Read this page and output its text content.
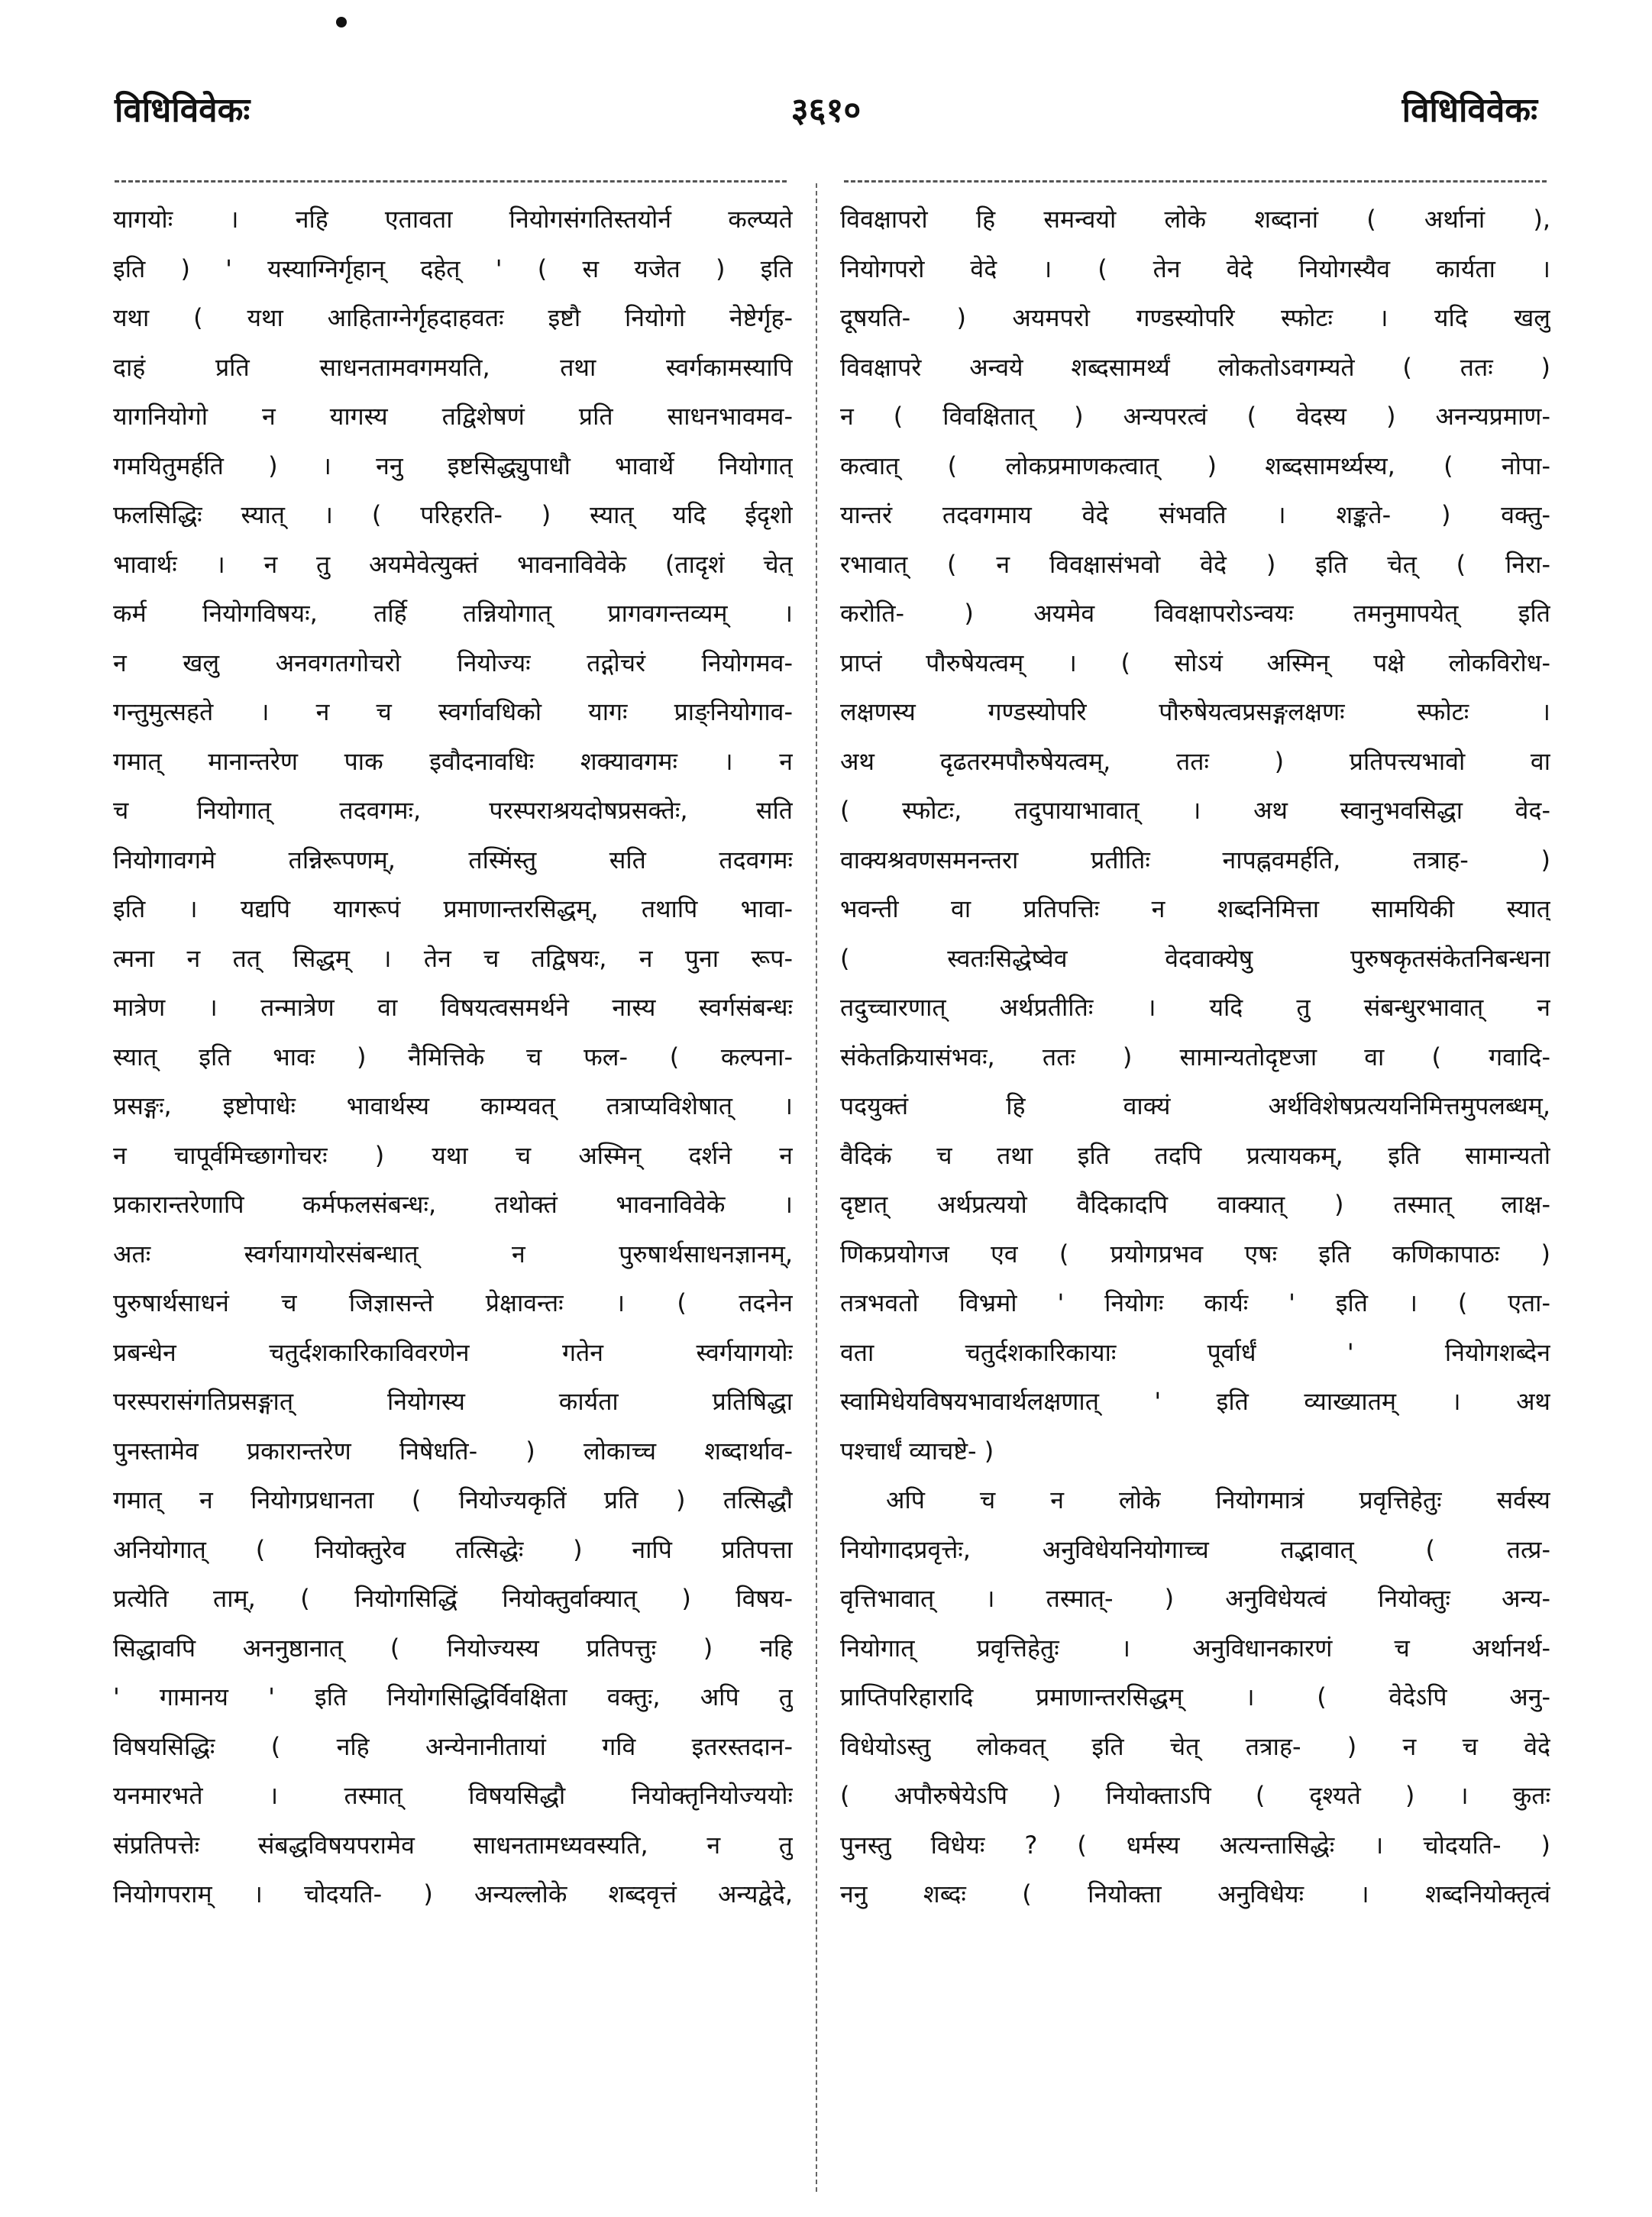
विधिविवेकः	३६१०	विधिविवेकः
यागयोः । नहि एतावता नियोगसंगतिस्तयोर्न कल्प्यते
इति ) ' यस्याग्निर्गृहान् दहेत् ' ( स यजेत ) इति
यथा ( यथा आहिताग्नेर्गृहदाहवतः इष्टौ नियोगो नेष्टेर्गृह-
दाहं प्रति साधनतामवगमयति, तथा स्वर्गकामस्यापि
यागनियोगो न यागस्य तद्विशेषणं प्रति साधनभावमव-
गमयितुमर्हति ) । ननु इष्टसिद्ध्युपाधौ भावार्थे नियोगात्
फलसिद्धिः स्यात् । ( परिहरति- ) स्यात् यदि ईदृशो
भावार्थः । न तु अयमेवेत्युक्तं भावनाविवेके (तादृशं चेत्
कर्म नियोगविषयः, तर्हि तन्नियोगात् प्रागवगन्तव्यम् ।
न खलु अनवगतगोचरो नियोज्यः तद्गोचरं नियोगमव-
गन्तुमुत्सहते । न च स्वर्गावधिको यागः प्राङ्नियोगाव-
गमात् मानान्तरेण पाक इवौदनावधिः शक्यावगमः । न
च नियोगात् तदवगमः, परस्पराश्रयदोषप्रसक्तेः, सति
नियोगावगमे तन्निरूपणम्, तस्मिंस्तु सति तदवगमः
इति । यद्यपि यागरूपं प्रमाणान्तरसिद्धम्, तथापि भावा-
त्मना न तत् सिद्धम् । तेन च तद्विषयः, न पुना रूप-
मात्रेण । तन्मात्रेण वा विषयत्वसमर्थने नास्य स्वर्गसंबन्धः
स्यात् इति भावः ) नैमित्तिके च फल- ( कल्पना-
प्रसङ्गः, इष्टोपाधेः भावार्थस्य काम्यवत् तत्राप्यविशेषात् ।
न चापूर्वमिच्छागोचरः ) यथा च अस्मिन् दर्शने न
प्रकारान्तरेणापि कर्मफलसंबन्धः, तथोक्तं भावनाविवेके ।
अतः स्वर्गयागयोरसंबन्धात् न पुरुषार्थसाधनज्ञानम्,
पुरुषार्थसाधनं च जिज्ञासन्ते प्रेक्षावन्तः । ( तदनेन
प्रबन्धेन चतुर्दशकारिकाविवरणेन गतेन स्वर्गयागयोः
परस्परासंगतिप्रसङ्गात् नियोगस्य कार्यता प्रतिषिद्धा
पुनस्तामेव प्रकारान्तरेण निषेधति- ) लोकाच्च शब्दार्थाव-
गमात् न नियोगप्रधानता ( नियोज्यकृतिं प्रति ) तत्सिद्धौ
अनियोगात् ( नियोक्तुरेव तत्सिद्धेः ) नापि प्रतिपत्ता
प्रत्येति ताम्, ( नियोगसिद्धिं नियोक्तुर्वाक्यात् ) विषय-
सिद्धावपि अननुष्ठानात् ( नियोज्यस्य प्रतिपत्तुः ) नहि
' गामानय ' इति नियोगसिद्धिर्विवक्षिता वक्तुः, अपि तु
विषयसिद्धिः ( नहि अन्येनानीतायां गवि इतरस्तदान-
यनमारभते । तस्मात् विषयसिद्धौ नियोक्तृनियोज्ययोः
संप्रतिपत्तेः संबद्धविषयपरामेव साधनतामध्यवस्यति, न तु
नियोगपराम् । चोदयति- ) अन्यल्लोके शब्दवृत्तं अन्यद्वेदे,
विवक्षापरो हि समन्वयो लोके शब्दानां ( अर्थानां ),
नियोगपरो वेदे । ( तेन वेदे नियोगस्यैव कार्यता ।
दूषयति- ) अयमपरो गण्डस्योपरि स्फोटः । यदि खलु
विवक्षापरे अन्वये शब्दसामर्थ्यं लोकतोऽवगम्यते ( ततः )
न ( विवक्षितात् ) अन्यपरत्वं ( वेदस्य ) अनन्यप्रमाण-
कत्वात् ( लोकप्रमाणकत्वात् ) शब्दसामर्थ्यस्य, ( नोपा-
यान्तरं तदवगमाय वेदे संभवति । शङ्कते- ) वक्तु-
रभावात् ( न विवक्षासंभवो वेदे ) इति चेत् ( निरा-
करोति- ) अयमेव विवक्षापरोऽन्वयः तमनुमापयेत् इति
प्राप्तं पौरुषेयत्वम् । ( सोऽयं अस्मिन् पक्षे लोकविरोध-
लक्षणस्य गण्डस्योपरि पौरुषेयत्वप्रसङ्गलक्षणः स्फोटः ।
अथ दृढतरमपौरुषेयत्वम्, ततः ) प्रतिपत्त्यभावो वा
( स्फोटः, तदुपायाभावात् । अथ स्वानुभवसिद्धा वेद-
वाक्यश्रवणसमनन्तरा प्रतीतिः नापह्नवमर्हति, तत्राह- )
भवन्ती वा प्रतिपत्तिः न शब्दनिमित्ता सामयिकी स्यात्
( स्वतःसिद्धेष्वेव वेदवाक्येषु पुरुषकृतसंकेतनिबन्धना
तदुच्चारणात् अर्थप्रतीतिः । यदि तु संबन्धुरभावात् न
संकेतक्रियासंभवः, ततः ) सामान्यतोदृष्टजा वा ( गवादि-
पदयुक्तं हि वाक्यं अर्थविशेषप्रत्ययनिमित्तमुपलब्धम्,
वैदिकं च तथा इति तदपि प्रत्यायकम्, इति सामान्यतो
दृष्टात् अर्थप्रत्ययो वैदिकादपि वाक्यात् ) तस्मात् लाक्ष-
णिकप्रयोगज एव ( प्रयोगप्रभव एषः इति कणिकापाठः )
तत्रभवतो विभ्रमो ' नियोगः कार्यः ' इति । ( एता-
वता चतुर्दशकारिकायाः पूर्वार्धं ' नियोगशब्देन
स्वामिधेयविषयभावार्थलक्षणात् ' इति व्याख्यातम् । अथ
पश्चार्धं व्याचष्टे- )
अपि च न लोके नियोगमात्रं प्रवृत्तिहेतुः सर्वस्य
नियोगादप्रवृत्तेः, अनुविधेयनियोगाच्च तद्भावात् ( तत्प्र-
वृत्तिभावात् । तस्मात्- ) अनुविधेयत्वं नियोक्तुः अन्य-
नियोगात् प्रवृत्तिहेतुः । अनुविधानकारणं च अर्थानर्थ-
प्राप्तिपरिहारादि प्रमाणान्तरसिद्धम् । ( वेदेऽपि अनु-
विधेयोऽस्तु लोकवत् इति चेत् तत्राह- ) न च वेदे
( अपौरुषेयेऽपि ) नियोक्ताऽपि ( दृश्यते ) । कुतः
पुनस्तु विधेयः ? ( धर्मस्य अत्यन्तासिद्धेः । चोदयति- )
ननु शब्दः ( नियोक्ता अनुविधेयः । शब्दनियोक्तृत्वं
